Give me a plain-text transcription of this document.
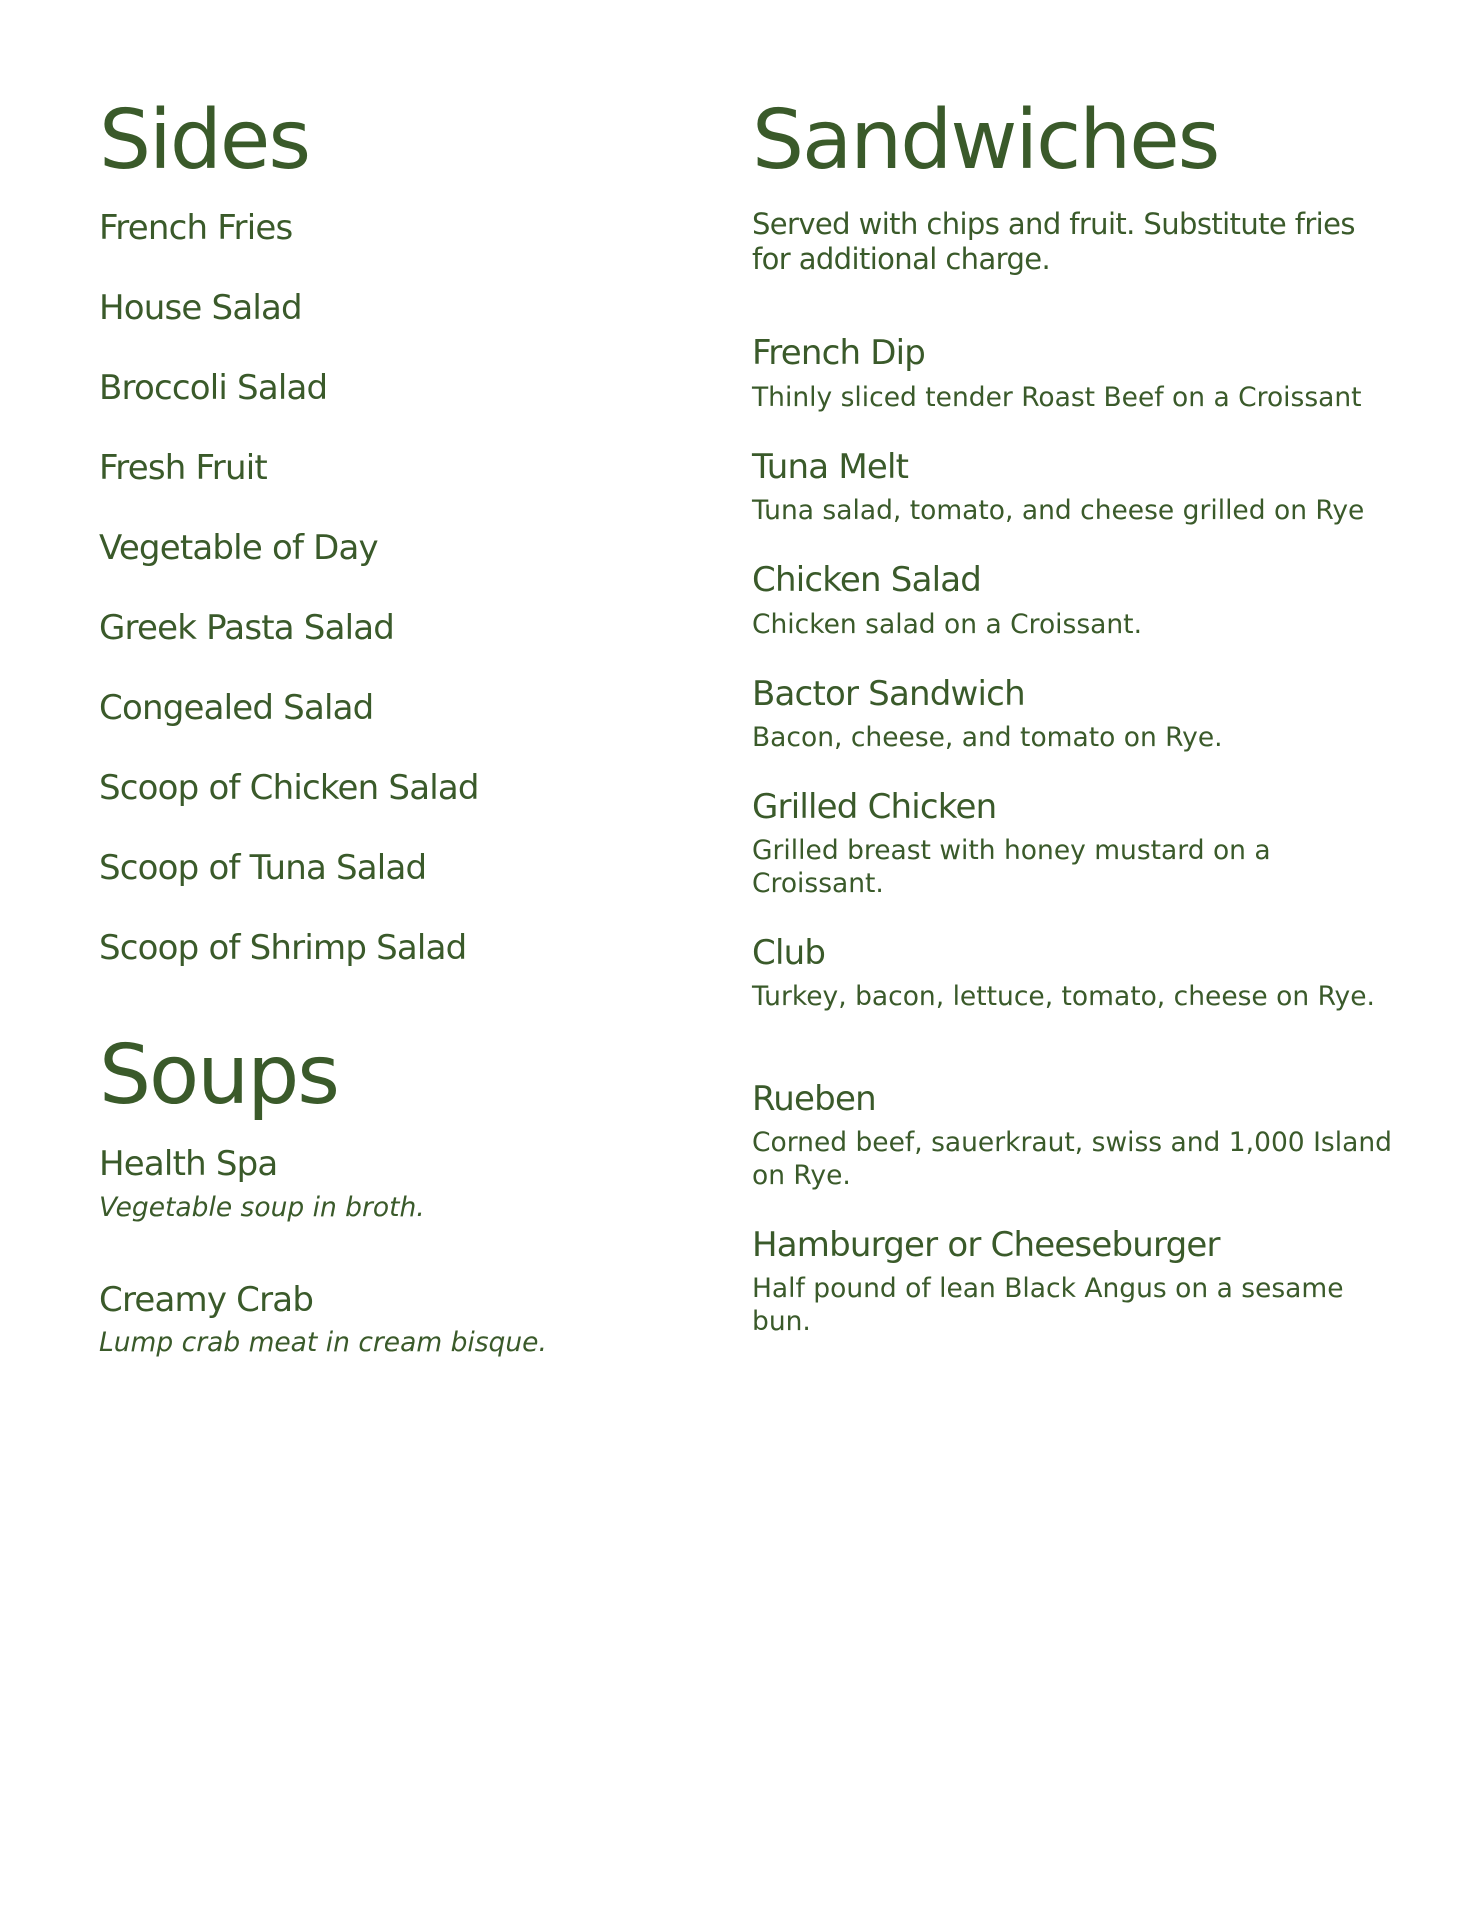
Sides
French Fries
House Salad
Broccoli Salad
Fresh Fruit
Vegetable of Day
Greek Pasta Salad
Congealed Salad
Scoop of Chicken Salad
Scoop of Tuna Salad
Scoop of Shrimp Salad
Soups
Health Spa
Vegetable soup in broth.
Creamy Crab
Lump crab meat in cream bisque.
Sandwiches
Served with chips and fruit. Substitute fries for additional charge.
French Dip
Thinly sliced tender Roast Beef on a Croissant
Tuna Melt
Tuna salad, tomato, and cheese grilled on Rye
Chicken Salad
Chicken salad on a Croissant.
Bactor Sandwich
Bacon, cheese, and tomato on Rye.
Grilled Chicken
Grilled breast with honey mustard on a Croissant.
Club
Turkey, bacon, lettuce, tomato, cheese on Rye.
Rueben
Corned beef, sauerkraut, swiss and 1,000 Island on Rye.
Hamburger or Cheeseburger
Half pound of lean Black Angus on a sesame bun.
